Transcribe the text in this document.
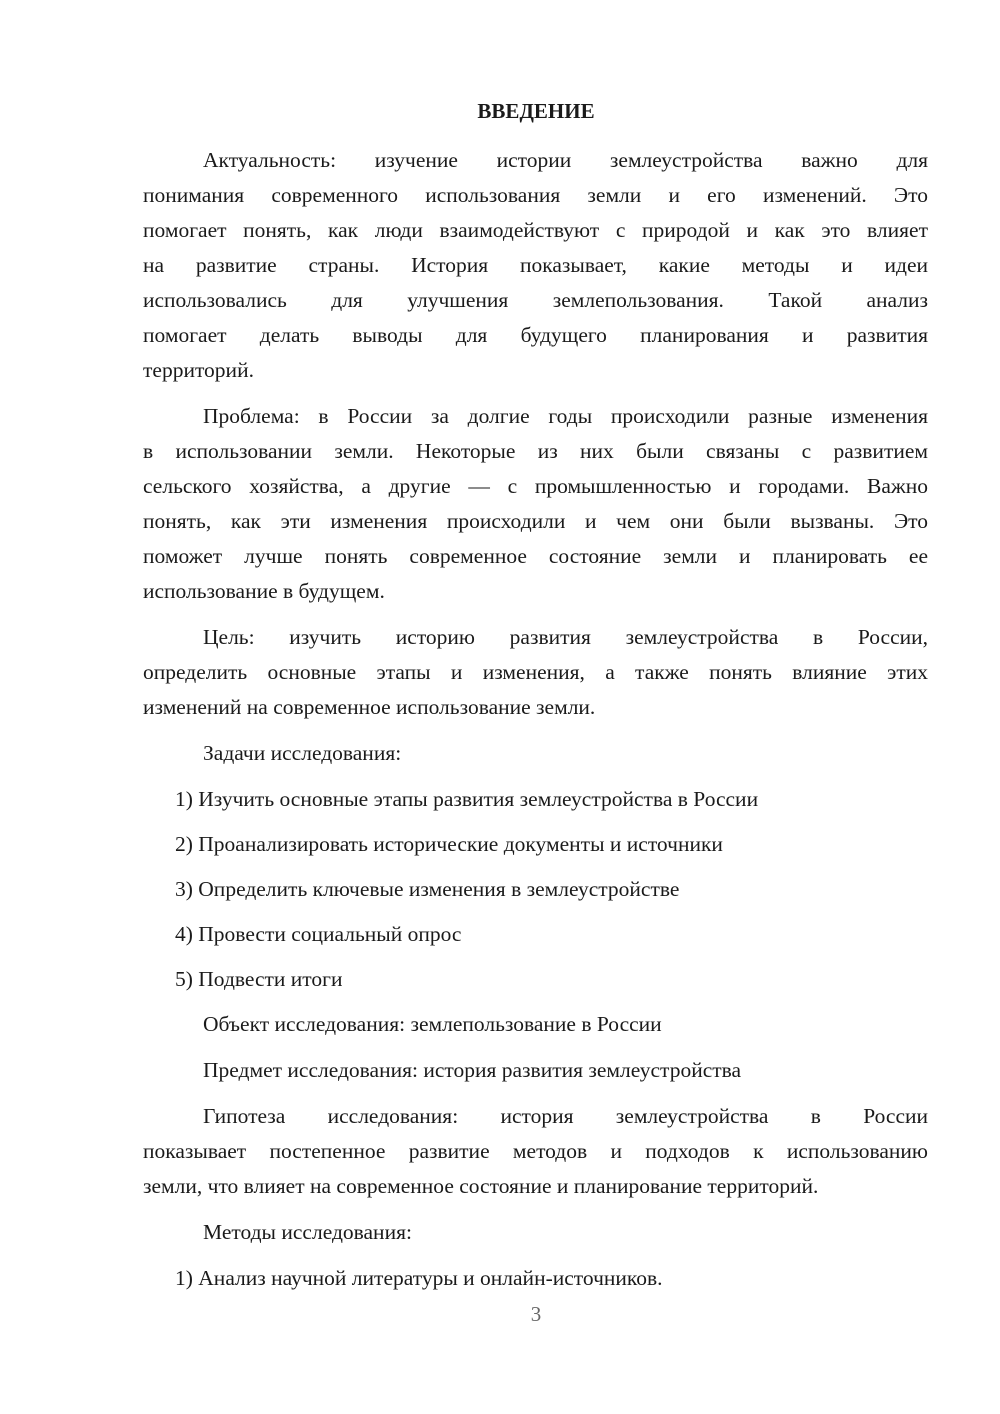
ВВЕДЕНИЕ
Актуальность: изучение истории землеустройства важно для
понимания современного использования земли и его изменений. Это
помогает понять, как люди взаимодействуют с природой и как это влияет
на развитие страны. История показывает, какие методы и идеи
использовались для улучшения землепользования. Такой анализ
помогает делать выводы для будущего планирования и развития
территорий.
Проблема: в России за долгие годы происходили разные изменения
в использовании земли. Некоторые из них были связаны с развитием
сельского хозяйства, а другие — с промышленностью и городами. Важно
понять, как эти изменения происходили и чем они были вызваны. Это
поможет лучше понять современное состояние земли и планировать ее
использование в будущем.
Цель: изучить историю развития землеустройства в России,
определить основные этапы и изменения, а также понять влияние этих
изменений на современное использование земли.
Задачи исследования:
1) Изучить основные этапы развития землеустройства в России
2) Проанализировать исторические документы и источники
3) Определить ключевые изменения в землеустройстве
4) Провести социальный опрос
5) Подвести итоги
Объект исследования: землепользование в России
Предмет исследования: история развития землеустройства
Гипотеза исследования: история землеустройства в России
показывает постепенное развитие методов и подходов к использованию
земли, что влияет на современное состояние и планирование территорий.
Методы исследования:
1) Анализ научной литературы и онлайн-источников.
3
